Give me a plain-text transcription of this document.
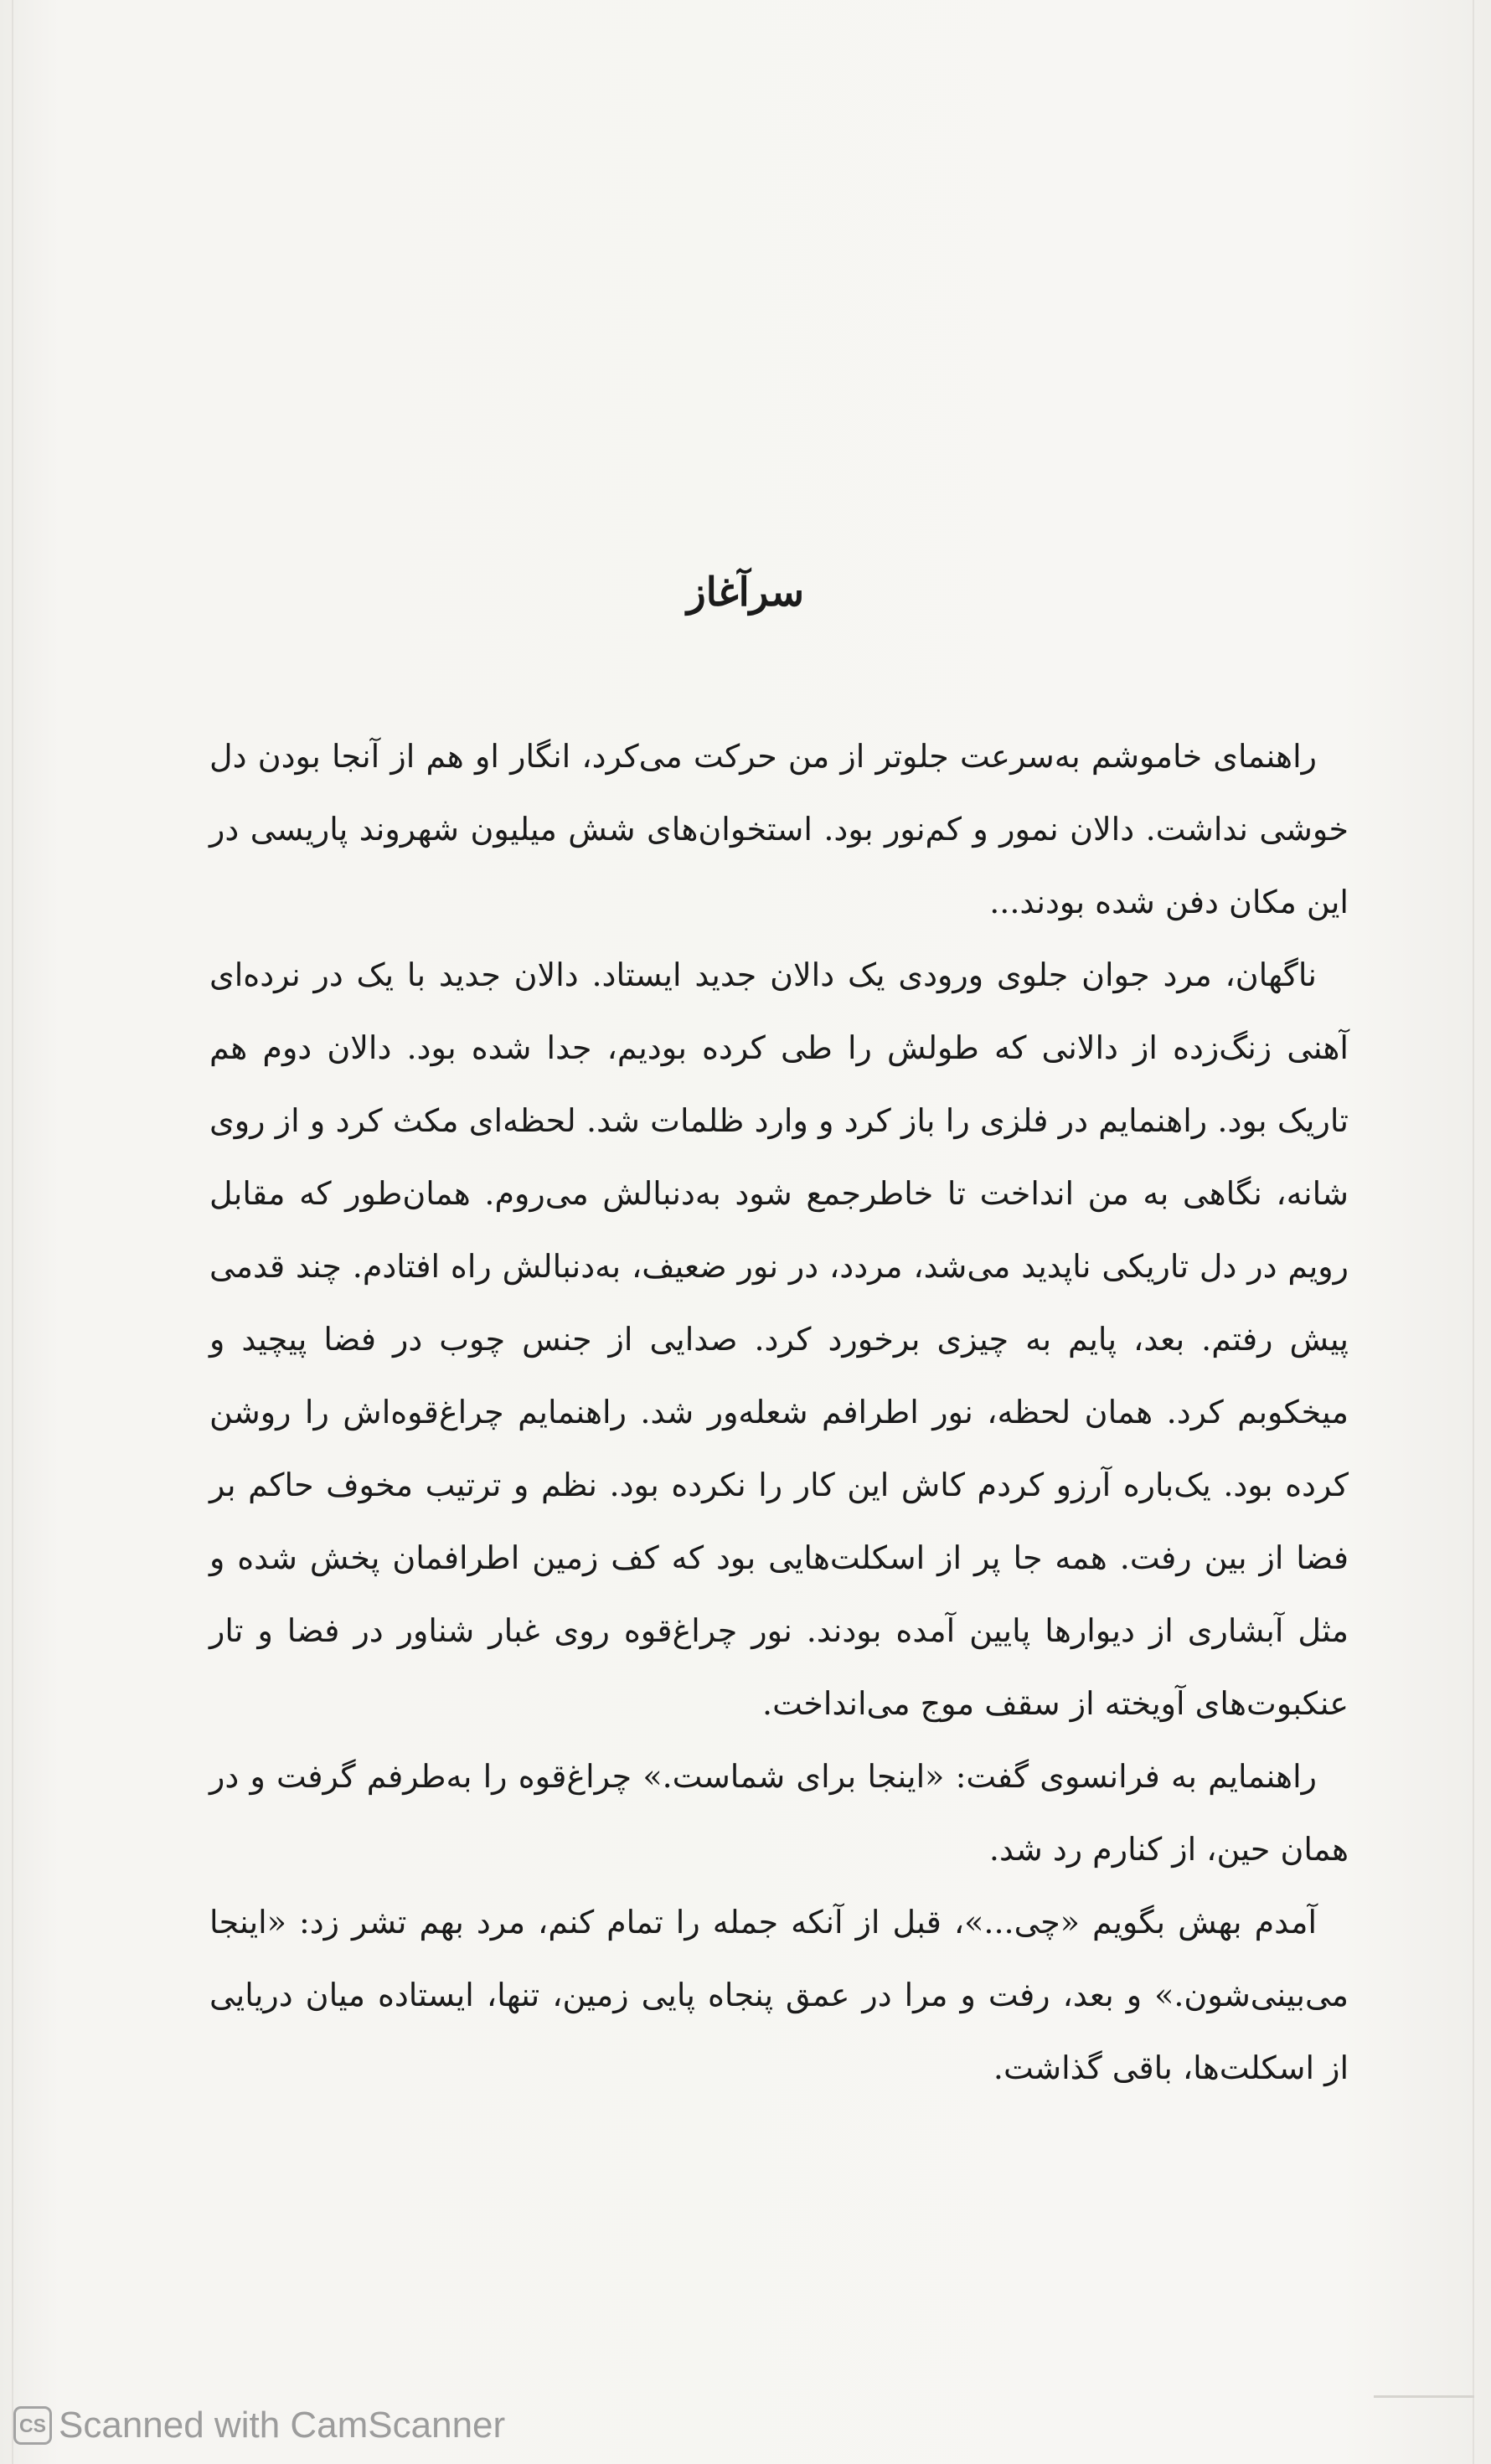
سرآغاز

راهنمای خاموشم به‌سرعت جلوتر از من حرکت می‌کرد، انگار او هم از آنجا بودن دل خوشی نداشت. دالان نمور و کم‌نور بود. استخوان‌های شش میلیون شهروند پاریسی در این مکان دفن شده بودند...

ناگهان، مرد جوان جلوی ورودی یک دالان جدید ایستاد. دالان جدید با یک در نرده‌ای آهنی زنگ‌زده از دالانی که طولش را طی کرده بودیم، جدا شده بود. دالان دوم هم تاریک بود. راهنمایم در فلزی را باز کرد و وارد ظلمات شد. لحظه‌ای مکث کرد و از روی شانه، نگاهی به من انداخت تا خاطرجمع شود به‌دنبالش می‌روم. همان‌طور که مقابل رویم در دل تاریکی ناپدید می‌شد، مردد، در نور ضعیف، به‌دنبالش راه افتادم. چند قدمی پیش رفتم. بعد، پایم به چیزی برخورد کرد. صدایی از جنس چوب در فضا پیچید و میخکوبم کرد. همان لحظه، نور اطرافم شعله‌ور شد. راهنمایم چراغ‌قوه‌اش را روشن کرده بود. یک‌باره آرزو کردم کاش این کار را نکرده بود. نظم و ترتیب مخوف حاکم بر فضا از بین رفت. همه جا پر از اسکلت‌هایی بود که کف زمین اطرافمان پخش شده و مثل آبشاری از دیوارها پایین آمده بودند. نور چراغ‌قوه روی غبار شناور در فضا و تار عنکبوت‌های آویخته از سقف موج می‌انداخت.

راهنمایم به فرانسوی گفت: «اینجا برای شماست.» چراغ‌قوه را به‌طرفم گرفت و در همان حین، از کنارم رد شد.

آمدم بهش بگویم «چی...»، قبل از آنکه جمله را تمام کنم، مرد بهم تشر زد: «اینجا می‌بینی‌شون.» و بعد، رفت و مرا در عمق پنجاه پایی زمین، تنها، ایستاده میان دریایی از اسکلت‌ها، باقی گذاشت.

CS Scanned with CamScanner
